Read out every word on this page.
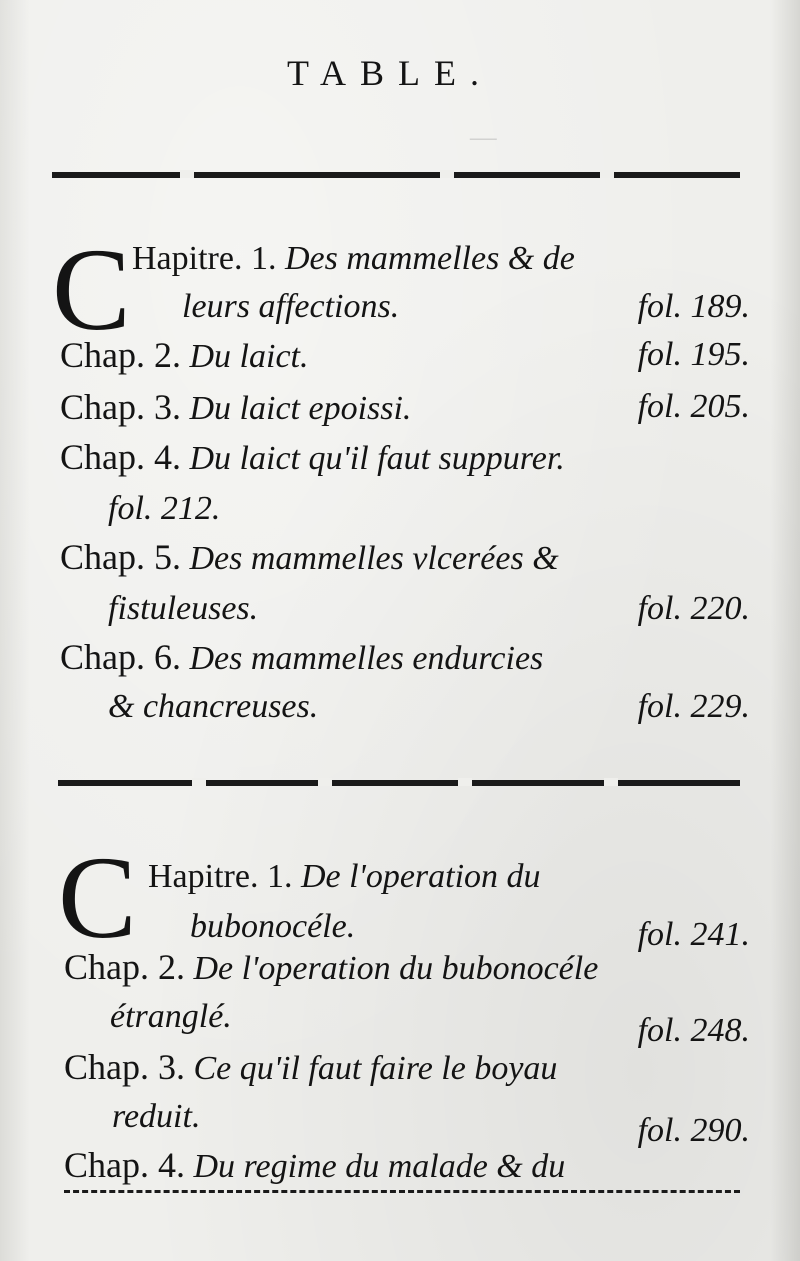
—
TABLE.
C Hapitre. 1. Des mammelles & de
leurs affections.	fol. 189.
Chap. 2. Du laict.	fol. 195.
Chap. 3. Du laict epoissi.	fol. 205.
Chap. 4. Du laict qu'il faut suppurer.
fol. 212.
Chap. 5. Des mammelles vlcerées &
fistuleuses.	fol. 220.
Chap. 6. Des mammelles endurcies
& chancreuses.	fol. 229.
C Hapitre. 1. De l'operation du
bubonocéle.	fol. 241.
Chap. 2. De l'operation du bubonocéle
étranglé.	fol. 248.
Chap. 3. Ce qu'il faut faire le boyau
reduit.	fol. 290.
Chap. 4. Du regime du malade & du
